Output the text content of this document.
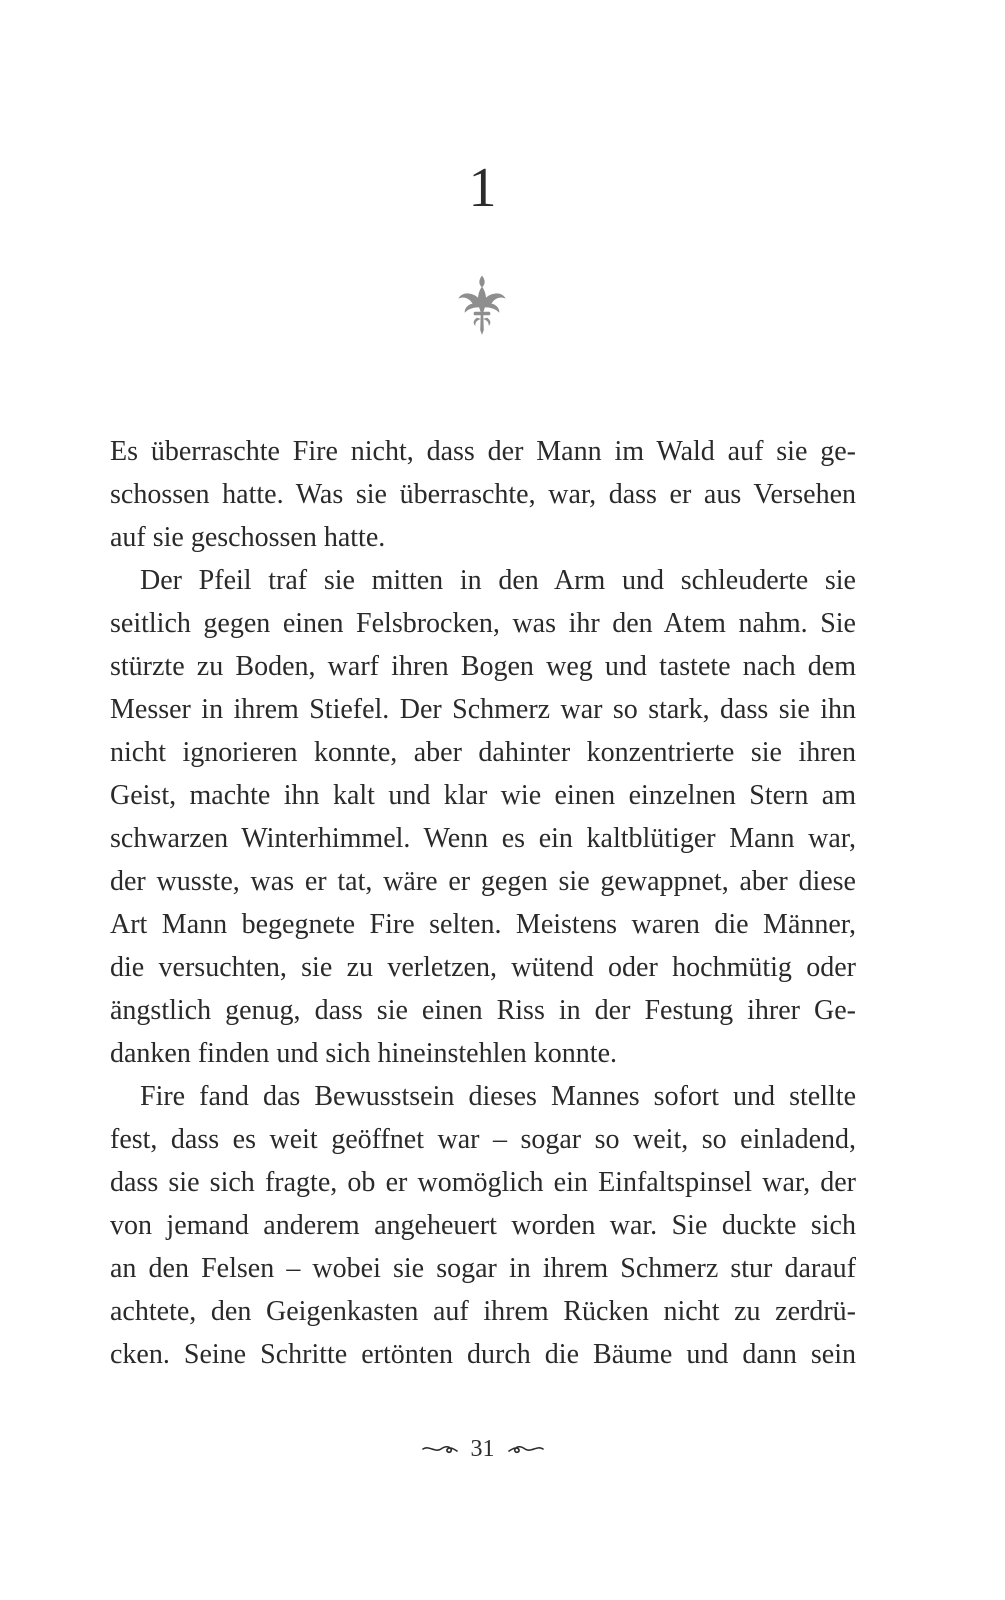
1
Es überraschte Fire nicht, dass der Mann im Wald auf sie ge-
schossen hatte. Was sie überraschte, war, dass er aus Versehen
auf sie geschossen hatte.
Der Pfeil traf sie mitten in den Arm und schleuderte sie
seitlich gegen einen Felsbrocken, was ihr den Atem nahm. Sie
stürzte zu Boden, warf ihren Bogen weg und tastete nach dem
Messer in ihrem Stiefel. Der Schmerz war so stark, dass sie ihn
nicht ignorieren konnte, aber dahinter konzentrierte sie ihren
Geist, machte ihn kalt und klar wie einen einzelnen Stern am
schwarzen Winterhimmel. Wenn es ein kaltblütiger Mann war,
der wusste, was er tat, wäre er gegen sie gewappnet, aber diese
Art Mann begegnete Fire selten. Meistens waren die Männer,
die versuchten, sie zu verletzen, wütend oder hochmütig oder
ängstlich genug, dass sie einen Riss in der Festung ihrer Ge-
danken finden und sich hineinstehlen konnte.
Fire fand das Bewusstsein dieses Mannes sofort und stellte
fest, dass es weit geöffnet war – sogar so weit, so einladend,
dass sie sich fragte, ob er womöglich ein Einfaltspinsel war, der
von jemand anderem angeheuert worden war. Sie duckte sich
an den Felsen – wobei sie sogar in ihrem Schmerz stur darauf
achtete, den Geigenkasten auf ihrem Rücken nicht zu zerdrü-
cken. Seine Schritte ertönten durch die Bäume und dann sein
31
